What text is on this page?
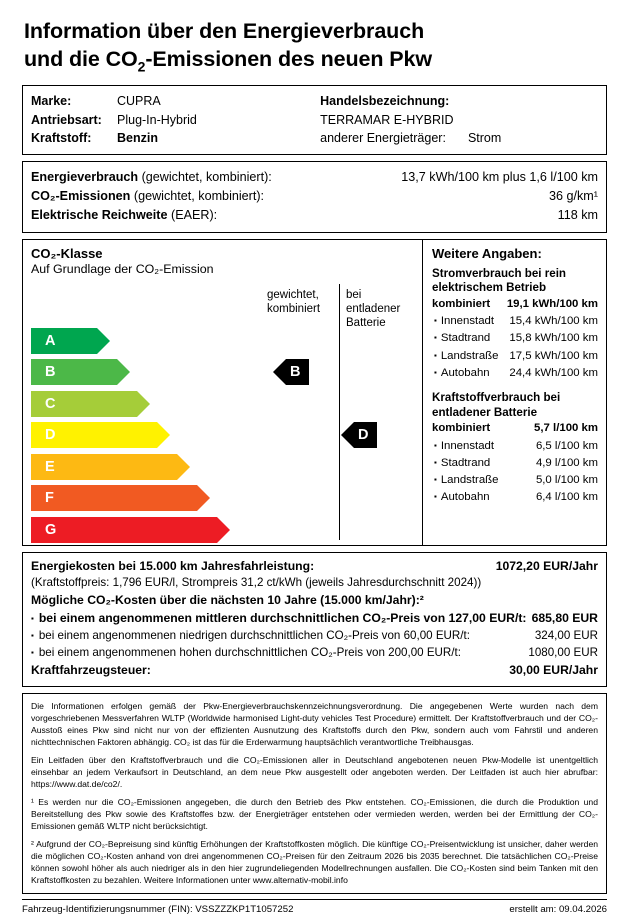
Information über den Energieverbrauch
und die $CO_2$-Emissionen des neuen Pkw
Marke:	CUPRA
Antriebsart:	Plug-In-Hybrid
Kraftstoff:	Benzin
Handelsbezeichnung:
TERRAMAR E-HYBRID
anderer Energieträger: Strom
Energieverbrauch (gewichtet, kombiniert):	13,7 kWh/100 km plus 1,6 l/100 km
CO₂-Emissionen (gewichtet, kombiniert):	36 g/km¹
Elektrische Reichweite (EAER):	118 km
CO₂-Klasse
Auf Grundlage der CO₂-Emission
gewichtet,
kombiniert
bei entladener
Batterie
A
B
C
D
E
F
G
B
D
Weitere Angaben:
Stromverbrauch bei rein
elektrischem Betrieb
kombiniert 19,1 kWh/100 km
▪ Innenstadt 15,4 kWh/100 km
▪ Stadtrand 15,8 kWh/100 km
▪ Landstraße 17,5 kWh/100 km
▪ Autobahn 24,4 kWh/100 km
Kraftstoffverbrauch bei
entladener Batterie
kombiniert	5,7 l/100 km
▪ Innenstadt	6,5 l/100 km
▪ Stadtrand	4,9 l/100 km
▪ Landstraße	5,0 l/100 km
▪ Autobahn	6,4 l/100 km
Energiekosten bei 15.000 km Jahresfahrleistung:	1072,20 EUR/Jahr
(Kraftstoffpreis: 1,796 EUR/l, Strompreis 31,2 ct/kWh (jeweils Jahresdurchschnitt 2024))
Mögliche CO₂-Kosten über die nächsten 10 Jahre (15.000 km/Jahr):²
▪ bei einem angenommenen mittleren durchschnittlichen CO₂-Preis von 127,00 EUR/t: 685,80 EUR
▪ bei einem angenommenen niedrigen durchschnittlichen CO₂-Preis von 60,00 EUR/t:	324,00 EUR
▪ bei einem angenommenen hohen durchschnittlichen CO₂-Preis von 200,00 EUR/t:	1080,00 EUR
Kraftfahrzeugsteuer:	30,00 EUR/Jahr

Die Informationen erfolgen gemäß der Pkw-Energieverbrauchskennzeichnungsverordnung. Die angegebenen Werte wurden nach dem vorgeschriebenen Messverfahren WLTP (Worldwide harmonised Light-duty vehicles Test Procedure) ermittelt. Der Kraftstoffverbrauch und der CO₂-Ausstoß eines Pkw sind nicht nur von der effizienten Ausnutzung des Kraftstoffs durch den Pkw, sondern auch vom Fahrstil und anderen nichttechnischen Faktoren abhängig. CO₂ ist das für die Erderwarmung hauptsächlich verantwortliche Treibhausgas.

Ein Leitfaden über den Kraftstoffverbrauch und die CO₂-Emissionen aller in Deutschland angebotenen neuen Pkw-Modelle ist unentgeltlich einsehbar an jedem Verkaufsort in Deutschland, an dem neue Pkw ausgestellt oder angeboten werden. Der Leitfaden ist auch hier abrufbar: https://www.dat.de/co2/.

¹ Es werden nur die CO₂-Emissionen angegeben, die durch den Betrieb des Pkw entstehen. CO₂-Emissionen, die durch die Produktion und Bereitstellung des Pkw sowie des Kraftstoffes bzw. der Energieträger entstehen oder vermieden werden, werden bei der Ermittlung der CO₂-Emissionen gemäß WLTP nicht berücksichtigt.

² Aufgrund der CO₂-Bepreisung sind künftig Erhöhungen der Kraftstoffkosten möglich. Die künftige CO₂-Preisentwicklung ist unsicher, daher werden die möglichen CO₂-Kosten anhand von drei angenommenen CO₂-Preisen für den Zeitraum 2026 bis 2035 berechnet. Die tatsächlichen CO₂-Preise können sowohl höher als auch niedriger als in den hier zugrundeliegenden Modellrechnungen ausfallen. Die CO₂-Kosten sind beim Tanken mit den Kraftstoffkosten zu bezahlen. Weitere Informationen unter www.alternativ-mobil.info

Fahrzeug-Identifizierungsnummer (FIN): VSSZZZKP1T1057252	erstellt am: 09.04.2026
